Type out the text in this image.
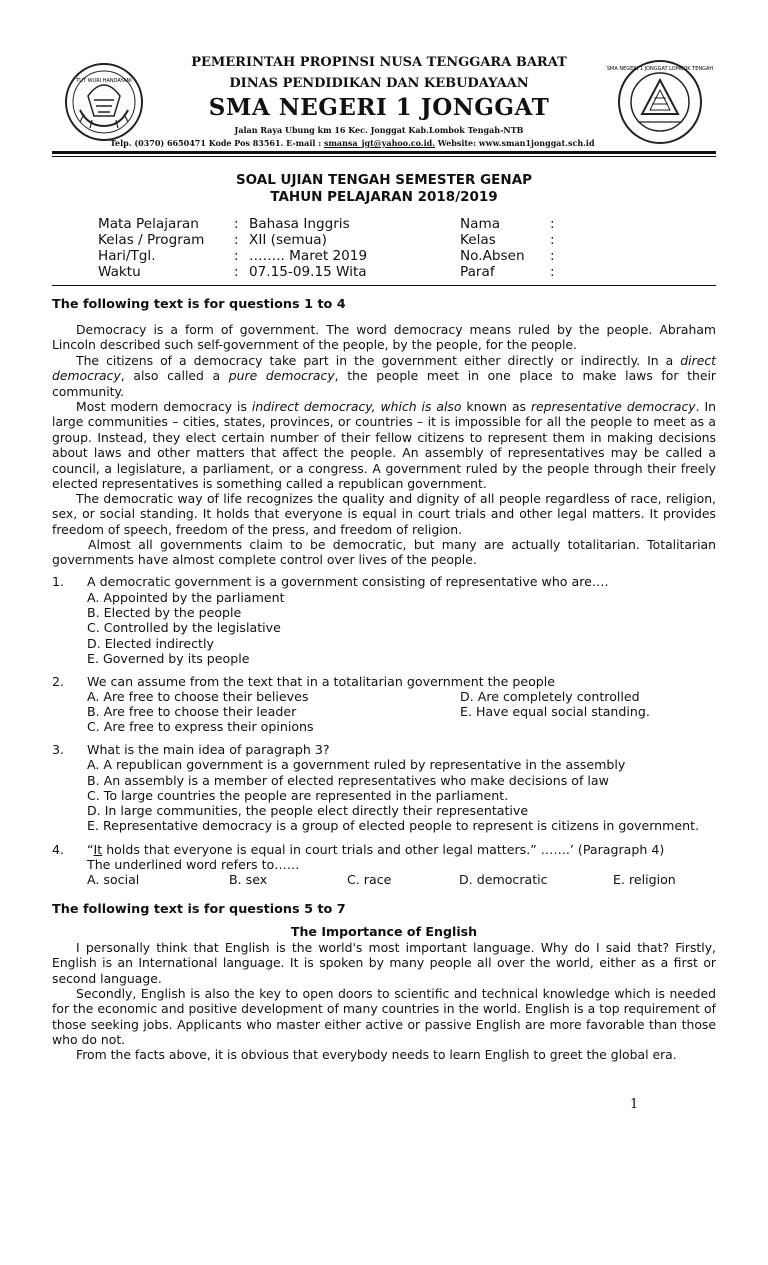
TUT WURI HANDAYANI
SMA NEGERI 1 JONGGAT LOMBOK TENGAH
PEMERINTAH PROPINSI NUSA TENGGARA BARAT
DINAS PENDIDIKAN DAN KEBUDAYAAN
SMA NEGERI 1 JONGGAT
Jalan Raya Ubung km 16 Kec. Jonggat Kab.Lombok Tengah-NTB
Telp. (0370) 6650471 Kode Pos 83561. E-mail : smansa_jgt@yahoo.co.id. Website: www.sman1jonggat.sch.id
SOAL UJIAN TENGAH SEMESTER GENAP
TAHUN PELAJARAN 2018/2019
Mata Pelajaran	: Bahasa Inggris
Kelas / Program : XII (semua)
Hari/Tgl.	: …….. Maret 2019
Waktu	: 07.15-09.15 Wita
Nama	:
Kelas	:
No.Absen :
Paraf	:
The following text is for questions 1 to 4
Democracy is a form of government. The word democracy means ruled by the people. Abraham Lincoln described such self-government of the people, by the people, for the people.
The citizens of a democracy take part in the government either directly or indirectly. In a direct democracy, also called a pure democracy, the people meet in one place to make laws for their community.
Most modern democracy is indirect democracy, which is also known as representative democracy. In large communities – cities, states, provinces, or countries – it is impossible for all the people to meet as a group. Instead, they elect certain number of their fellow citizens to represent them in making decisions about laws and other matters that affect the people. An assembly of representatives may be called a council, a legislature, a parliament, or a congress. A government ruled by the people through their freely elected representatives is something called a republican government.
The democratic way of life recognizes the quality and dignity of all people regardless of race, religion, sex, or social standing. It holds that everyone is equal in court trials and other legal matters. It provides freedom of speech, freedom of the press, and freedom of religion.
Almost all governments claim to be democratic, but many are actually totalitarian. Totalitarian governments have almost complete control over lives of the people.
1. A democratic government is a government consisting of representative who are….
A. Appointed by the parliament
B. Elected by the people
C. Controlled by the legislative
D. Elected indirectly
E. Governed by its people
2. We can assume from the text that in a totalitarian government the people
A. Are free to choose their believes
B. Are free to choose their leader
C. Are free to express their opinions
D. Are completely controlled
E. Have equal social standing.
3. What is the main idea of paragraph 3?
A. A republican government is a government ruled by representative in the assembly
B. An assembly is a member of elected representatives who make decisions of law
C. To large countries the people are represented in the parliament.
D. In large communities, the people elect directly their representative
E. Representative democracy is a group of elected people to represent is citizens in government.
4. “It holds that everyone is equal in court trials and other legal matters.” …….’ (Paragraph 4)
The underlined word refers to……
A. social	B. sex	C. race	D. democratic	E. religion
The following text is for questions 5 to 7
The Importance of English
I personally think that English is the world's most important language. Why do I said that? Firstly, English is an International language. It is spoken by many people all over the world, either as a first or second language.
Secondly, English is also the key to open doors to scientific and technical knowledge which is needed for the economic and positive development of many countries in the world. English is a top requirement of those seeking jobs. Applicants who master either active or passive English are more favorable than those who do not.
From the facts above, it is obvious that everybody needs to learn English to greet the global era.
1
